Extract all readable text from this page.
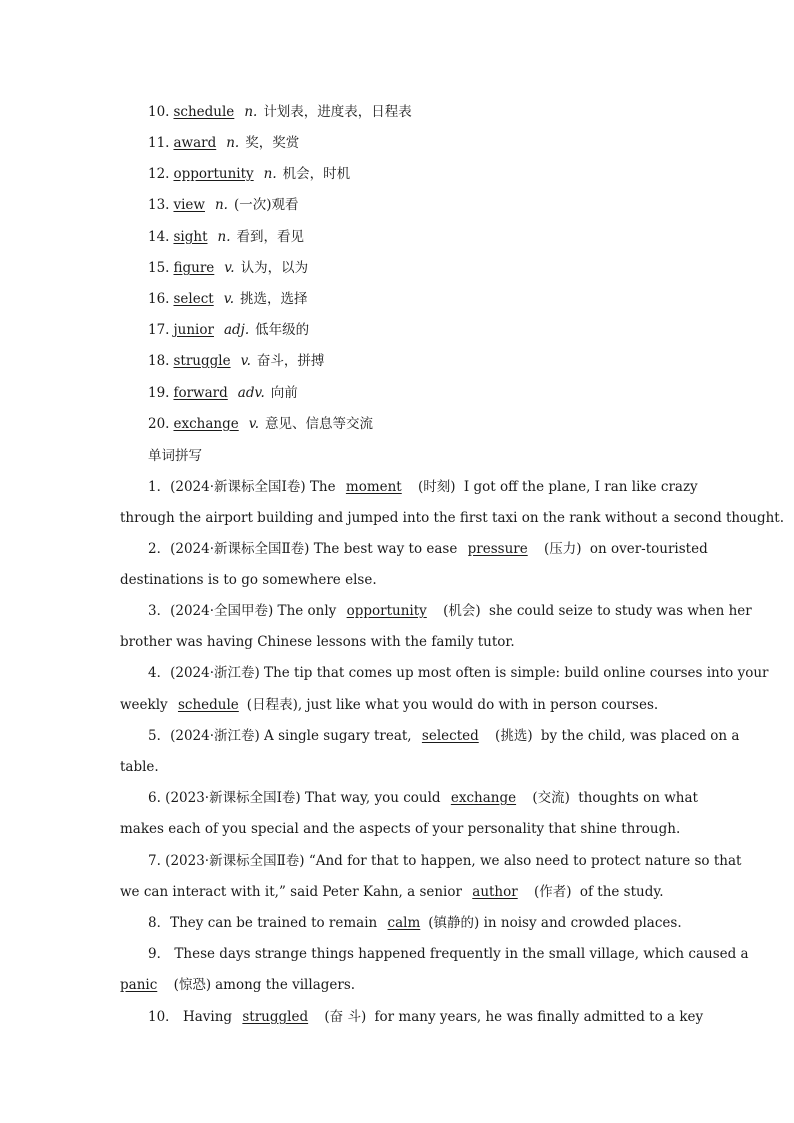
10. schedule n. 计划表，进度表，日程表
11. award n. 奖，奖赏
12. opportunity n. 机会，时机
13. view n. (一次)观看
14. sight n. 看到，看见
15. figure v. 认为，以为
16. select v. 挑选，选择
17. junior adj. 低年级的
18. struggle v. 奋斗，拼搏
19. forward adv. 向前
20. exchange v. 意见、信息等交流
单词拼写
1．(2024·新课标全国Ⅰ卷) The moment (时刻) I got off the plane, I ran like crazy
through the airport building and jumped into the first taxi on the rank without a second thought.
2．(2024·新课标全国Ⅱ卷) The best way to ease pressure (压力) on over-touristed
destinations is to go somewhere else.
3．(2024·全国甲卷) The only opportunity (机会) she could seize to study was when her
brother was having Chinese lessons with the family tutor.
4．(2024·浙江卷) The tip that comes up most often is simple: build online courses into your
weekly schedule (日程表), just like what you would do with in person courses.
5．(2024·浙江卷) A single sugary treat, selected (挑选) by the child, was placed on a
table.
6. (2023·新课标全国Ⅰ卷) That way, you could exchange (交流) thoughts on what
makes each of you special and the aspects of your personality that shine through.
7. (2023·新课标全国Ⅱ卷) “And for that to happen, we also need to protect nature so that
we can interact with it,” said Peter Kahn, a senior author (作者) of the study.
8．They can be trained to remain calm (镇静的) in noisy and crowded places.
9． These days strange things happened frequently in the small village, which caused a
panic (惊恐) among the villagers.
10． Having struggled (奋 斗) for many years, he was finally admitted to a key
